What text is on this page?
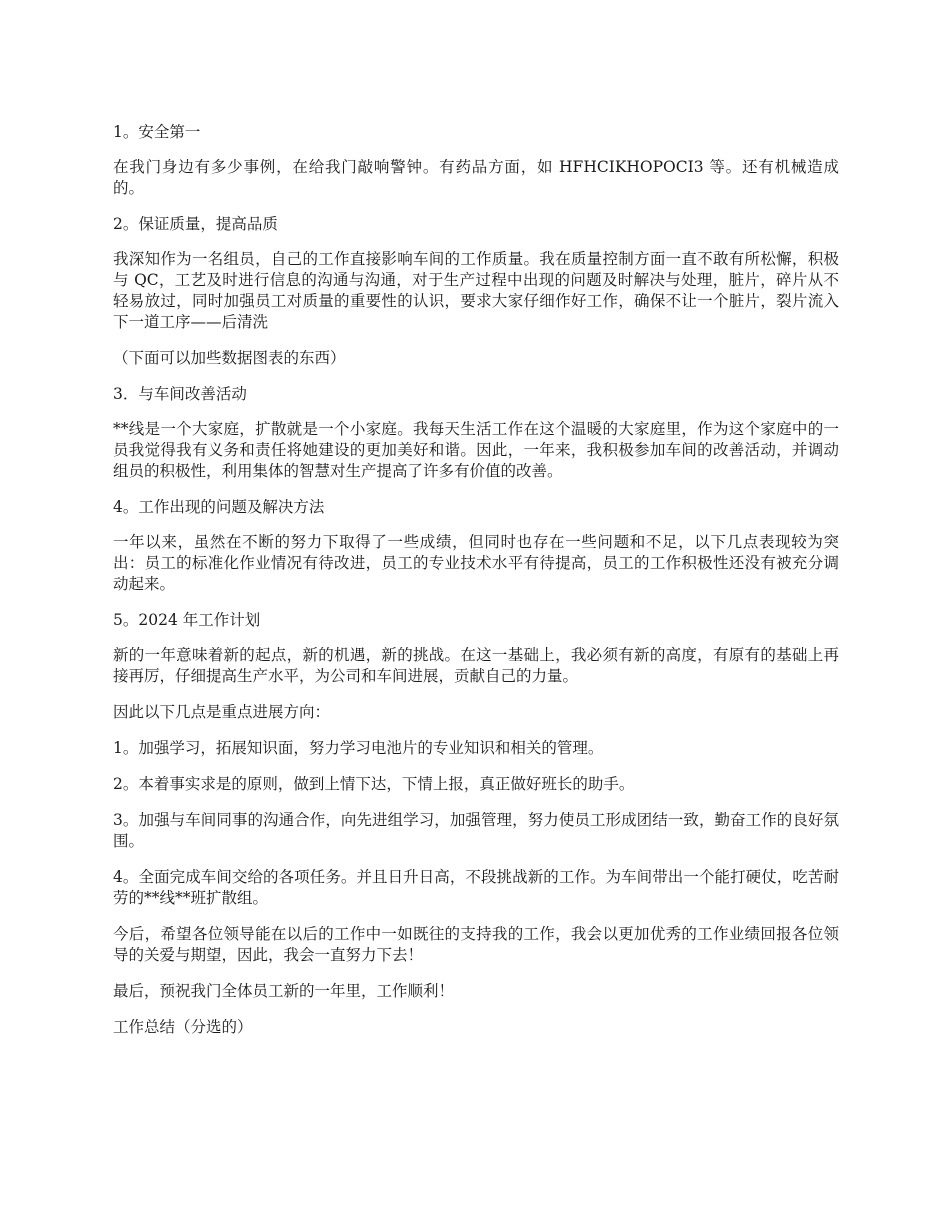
1。安全第一

在我门身边有多少事例，在给我门敲响警钟。有药品方面，如 HFHCIKHOPOCI3 等。还有机械造成的。

2。保证质量，提高品质

我深知作为一名组员，自己的工作直接影响车间的工作质量。我在质量控制方面一直不敢有所松懈，积极与 QC，工艺及时进行信息的沟通与沟通，对于生产过程中出现的问题及时解决与处理，脏片，碎片从不轻易放过，同时加强员工对质量的重要性的认识，要求大家仔细作好工作，确保不让一个脏片，裂片流入下一道工序——后清洗

（下面可以加些数据图表的东西）

3．与车间改善活动

**线是一个大家庭，扩散就是一个小家庭。我每天生活工作在这个温暖的大家庭里，作为这个家庭中的一员我觉得我有义务和责任将她建设的更加美好和谐。因此，一年来，我积极参加车间的改善活动，并调动组员的积极性，利用集体的智慧对生产提高了许多有价值的改善。

4。工作出现的问题及解决方法

一年以来，虽然在不断的努力下取得了一些成绩，但同时也存在一些问题和不足，以下几点表现较为突出：员工的标准化作业情况有待改进，员工的专业技术水平有待提高，员工的工作积极性还没有被充分调动起来。

5。2024 年工作计划

新的一年意味着新的起点，新的机遇，新的挑战。在这一基础上，我必须有新的高度，有原有的基础上再接再厉，仔细提高生产水平，为公司和车间进展，贡献自己的力量。

因此以下几点是重点进展方向：

1。加强学习，拓展知识面，努力学习电池片的专业知识和相关的管理。

2。本着事实求是的原则，做到上情下达，下情上报，真正做好班长的助手。

3。加强与车间同事的沟通合作，向先进组学习，加强管理，努力使员工形成团结一致，勤奋工作的良好氛围。

4。全面完成车间交给的各项任务。并且日升日高，不段挑战新的工作。为车间带出一个能打硬仗，吃苦耐劳的**线**班扩散组。

今后，希望各位领导能在以后的工作中一如既往的支持我的工作，我会以更加优秀的工作业绩回报各位领导的关爱与期望，因此，我会一直努力下去！

最后，预祝我门全体员工新的一年里，工作顺利！

工作总结（分选的）
